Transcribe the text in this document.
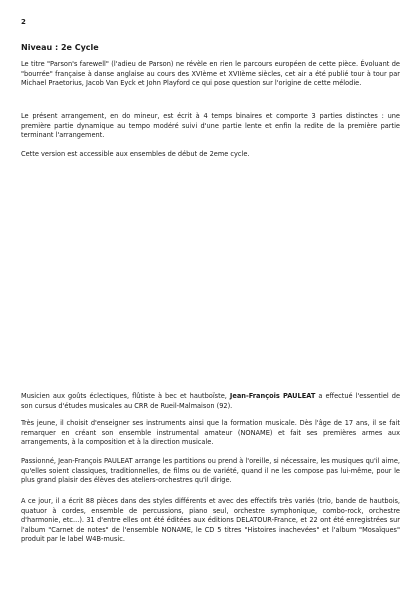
2
Niveau : 2e Cycle

Le titre "Parson's farewell" (l'adieu de Parson) ne révèle en rien le parcours européen de cette pièce. Évoluant de "bourrée" française à danse anglaise au cours des XVIème et XVIIème siècles, cet air a été publié tour à tour par Michael Praetorius, Jacob Van Eyck et John Playford ce qui pose question sur l'origine de cette mélodie.

Le présent arrangement, en do mineur, est écrit à 4 temps binaires et comporte 3 parties distinctes : une première partie dynamique au tempo modéré suivi d'une partie lente et enfin la redite de la première partie terminant l'arrangement.

Cette version est accessible aux ensembles de début de 2eme cycle.

Musicien aux goûts éclectiques, flûtiste à bec et hautboïste, Jean-François PAULEAT a effectué l'essentiel de son cursus d'études musicales au CRR de Rueil-Malmaison (92).

Très jeune, il choisit d'enseigner ses instruments ainsi que la formation musicale. Dès l'âge de 17 ans, il se fait remarquer en créant son ensemble instrumental amateur (NONAME) et fait ses premières armes aux arrangements, à la composition et à la direction musicale.

Passionné, Jean-François PAULEAT arrange les partitions ou prend à l'oreille, si nécessaire, les musiques qu'il aime, qu'elles soient classiques, traditionnelles, de films ou de variété, quand il ne les compose pas lui-même, pour le plus grand plaisir des élèves des ateliers-orchestres qu'il dirige.

A ce jour, il a écrit 88 pièces dans des styles différents et avec des effectifs très variés (trio, bande de hautbois, quatuor à cordes, ensemble de percussions, piano seul, orchestre symphonique, combo-rock, orchestre d'harmonie, etc...). 31 d'entre elles ont été éditées aux éditions DELATOUR-France, et 22 ont été enregistrées sur l'album "Carnet de notes" de l'ensemble NONAME, le CD 5 titres "Histoires inachevées" et l'album "Mosaïques" produit par le label W4B-music.
